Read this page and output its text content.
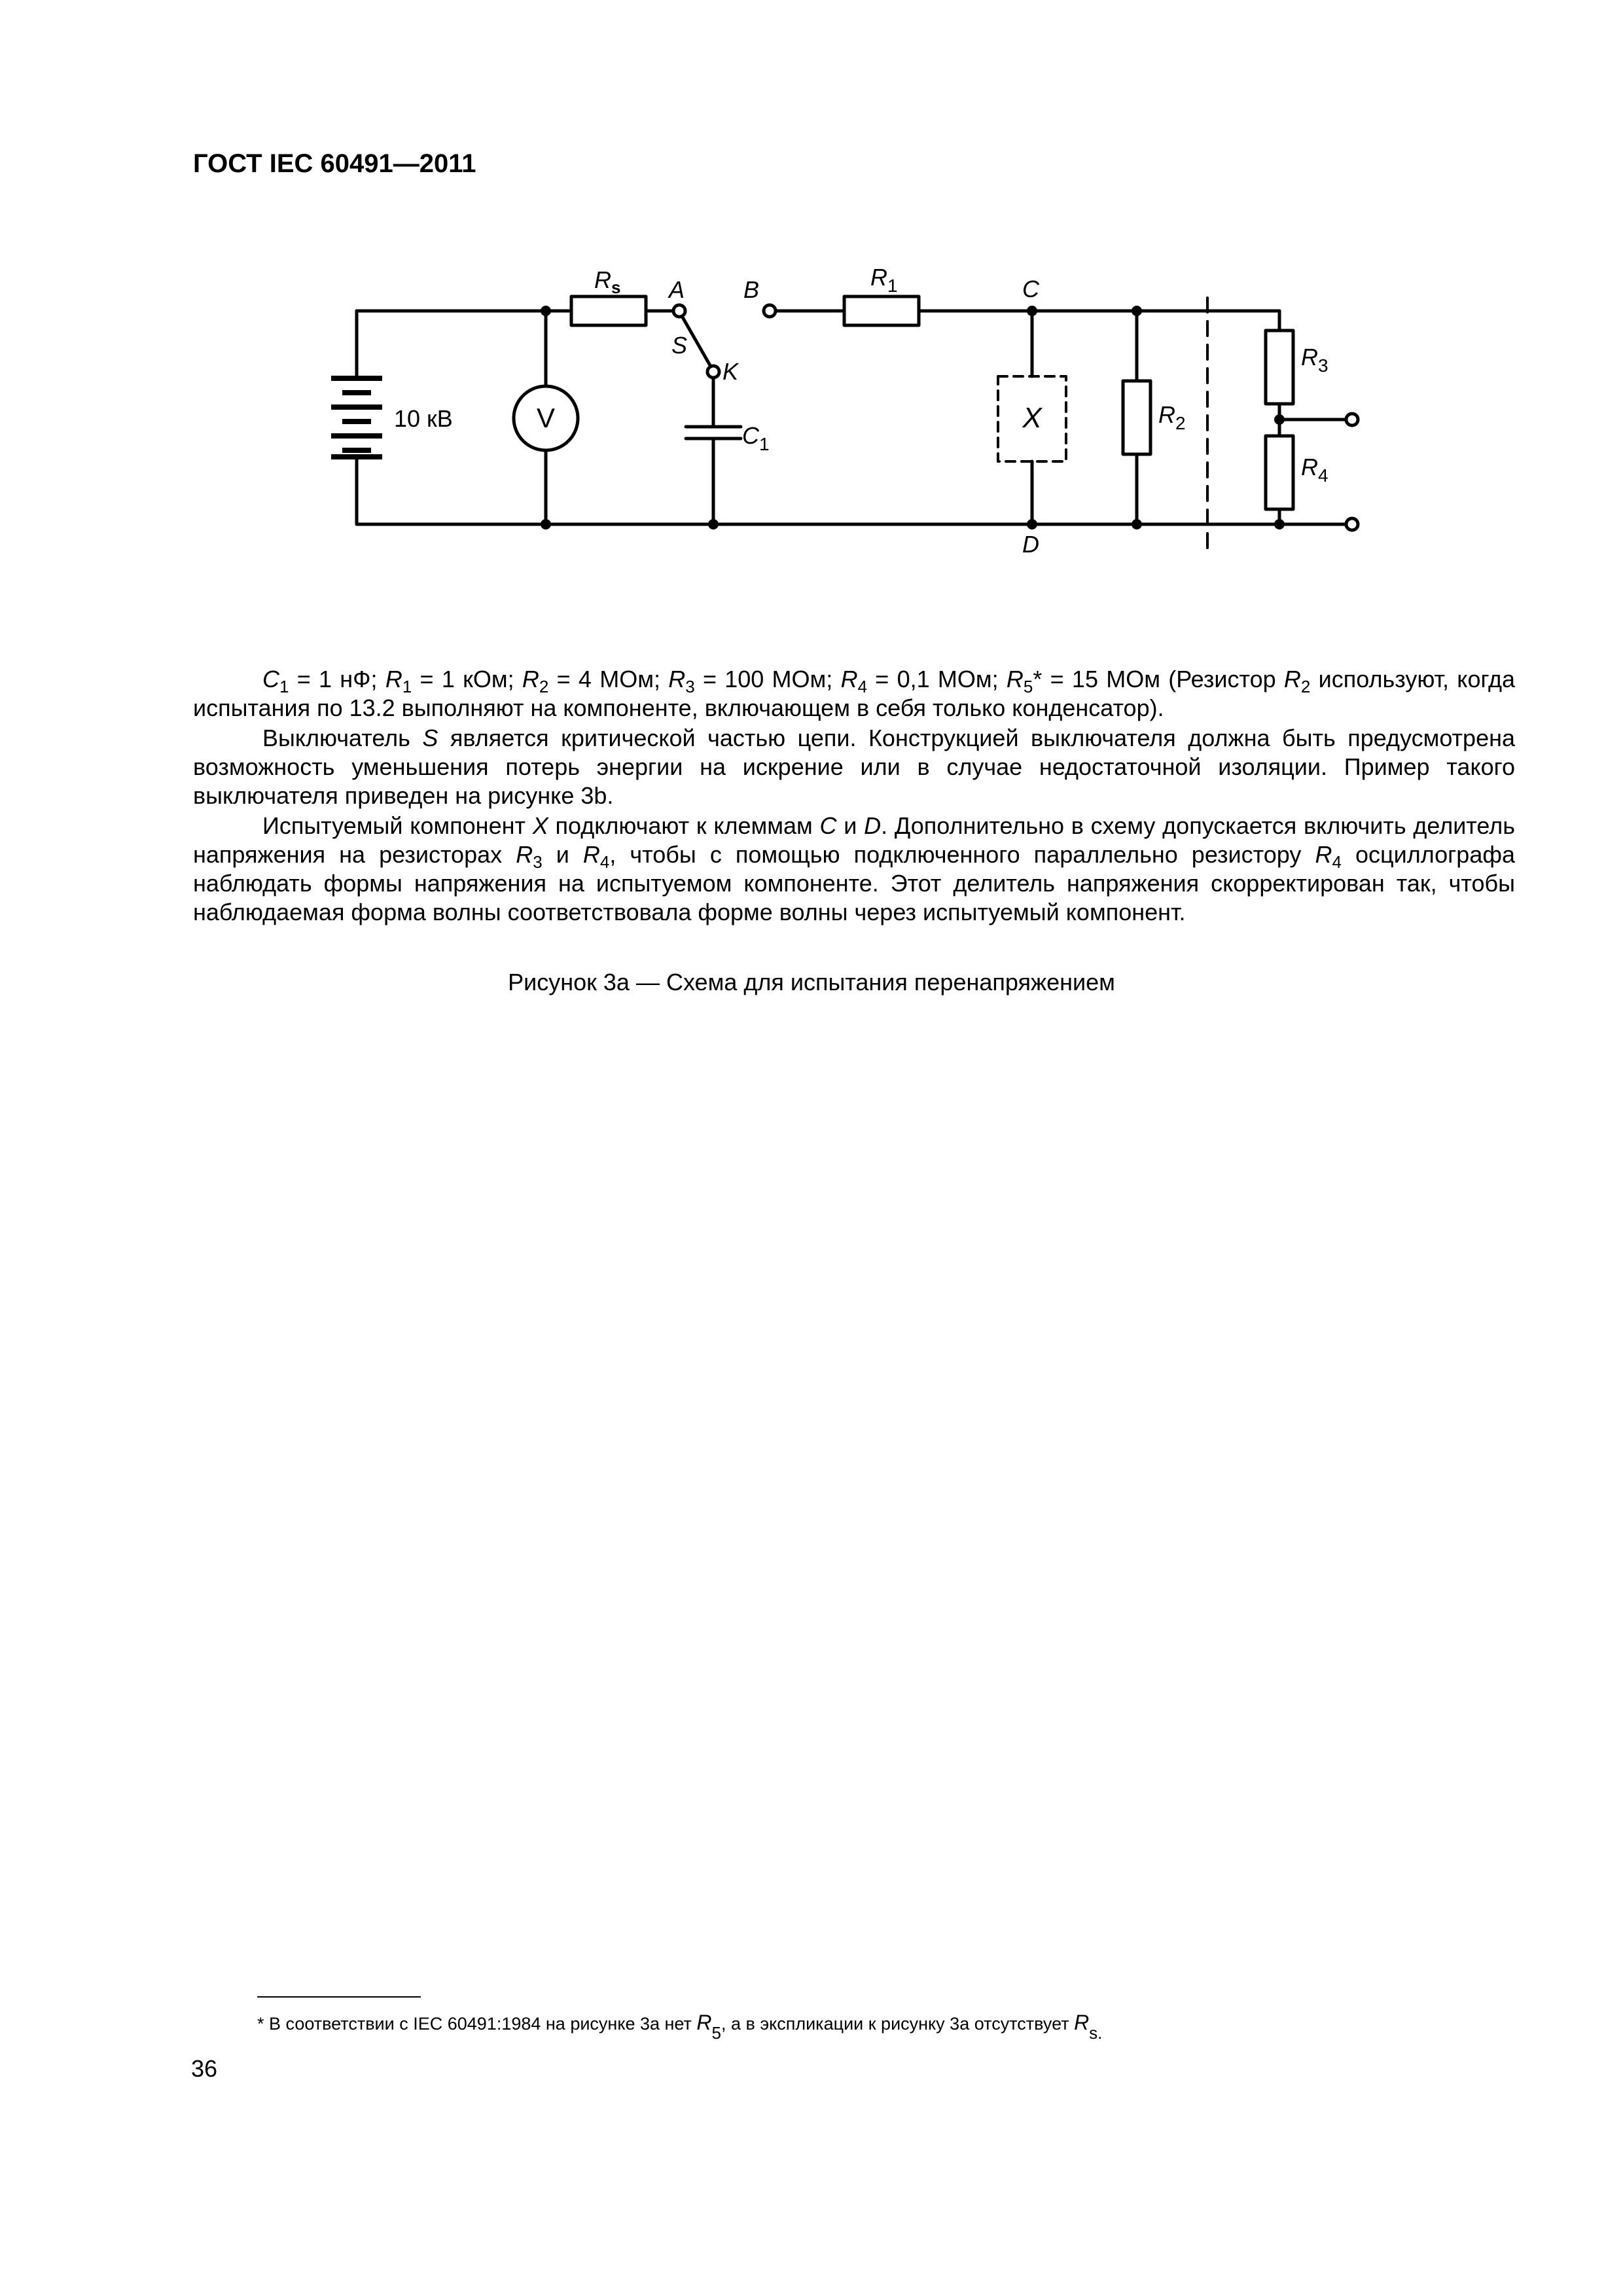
ГОСТ IEC 60491—2011
10 кВ	V
$R_s$ A B
S
K
$C_1$
$R_1$	C
X	$R_2$
D
$R_3$
$R_4$
$C_1 = 1$ нФ; $R_1 = 1$ кОм; $R_2 = 4$ МОм; $R_3 = 100$ МОм; $R_4 = 0,1$ МОм; $R_5* = 15$ МОм (Резистор $R_2$ используют, когда испытания по 13.2 выполняют на компоненте, включающем в себя только конденсатор).
Выключатель S является критической частью цепи. Конструкцией выключателя должна быть предусмотрена возможность уменьшения потерь энергии на искрение или в случае недостаточной изоляции. Пример такого выключателя приведен на рисунке 3b.
Испытуемый компонент X подключают к клеммам C и D. Дополнительно в схему допускается включить делитель напряжения на резисторах $R_3$ и $R_4$, чтобы с помощью подключенного параллельно резистору $R_4$ осциллографа наблюдать формы напряжения на испытуемом компоненте. Этот делитель напряжения скорректирован так, чтобы наблюдаемая форма волны соответствовала форме волны через испытуемый компонент.
Рисунок 3а — Схема для испытания перенапряжением
* В соответствии с IEC 60491:1984 на рисунке 3а нет $R_5$, а в экспликации к рисунку 3а отсутствует $R_{s.}$
36
